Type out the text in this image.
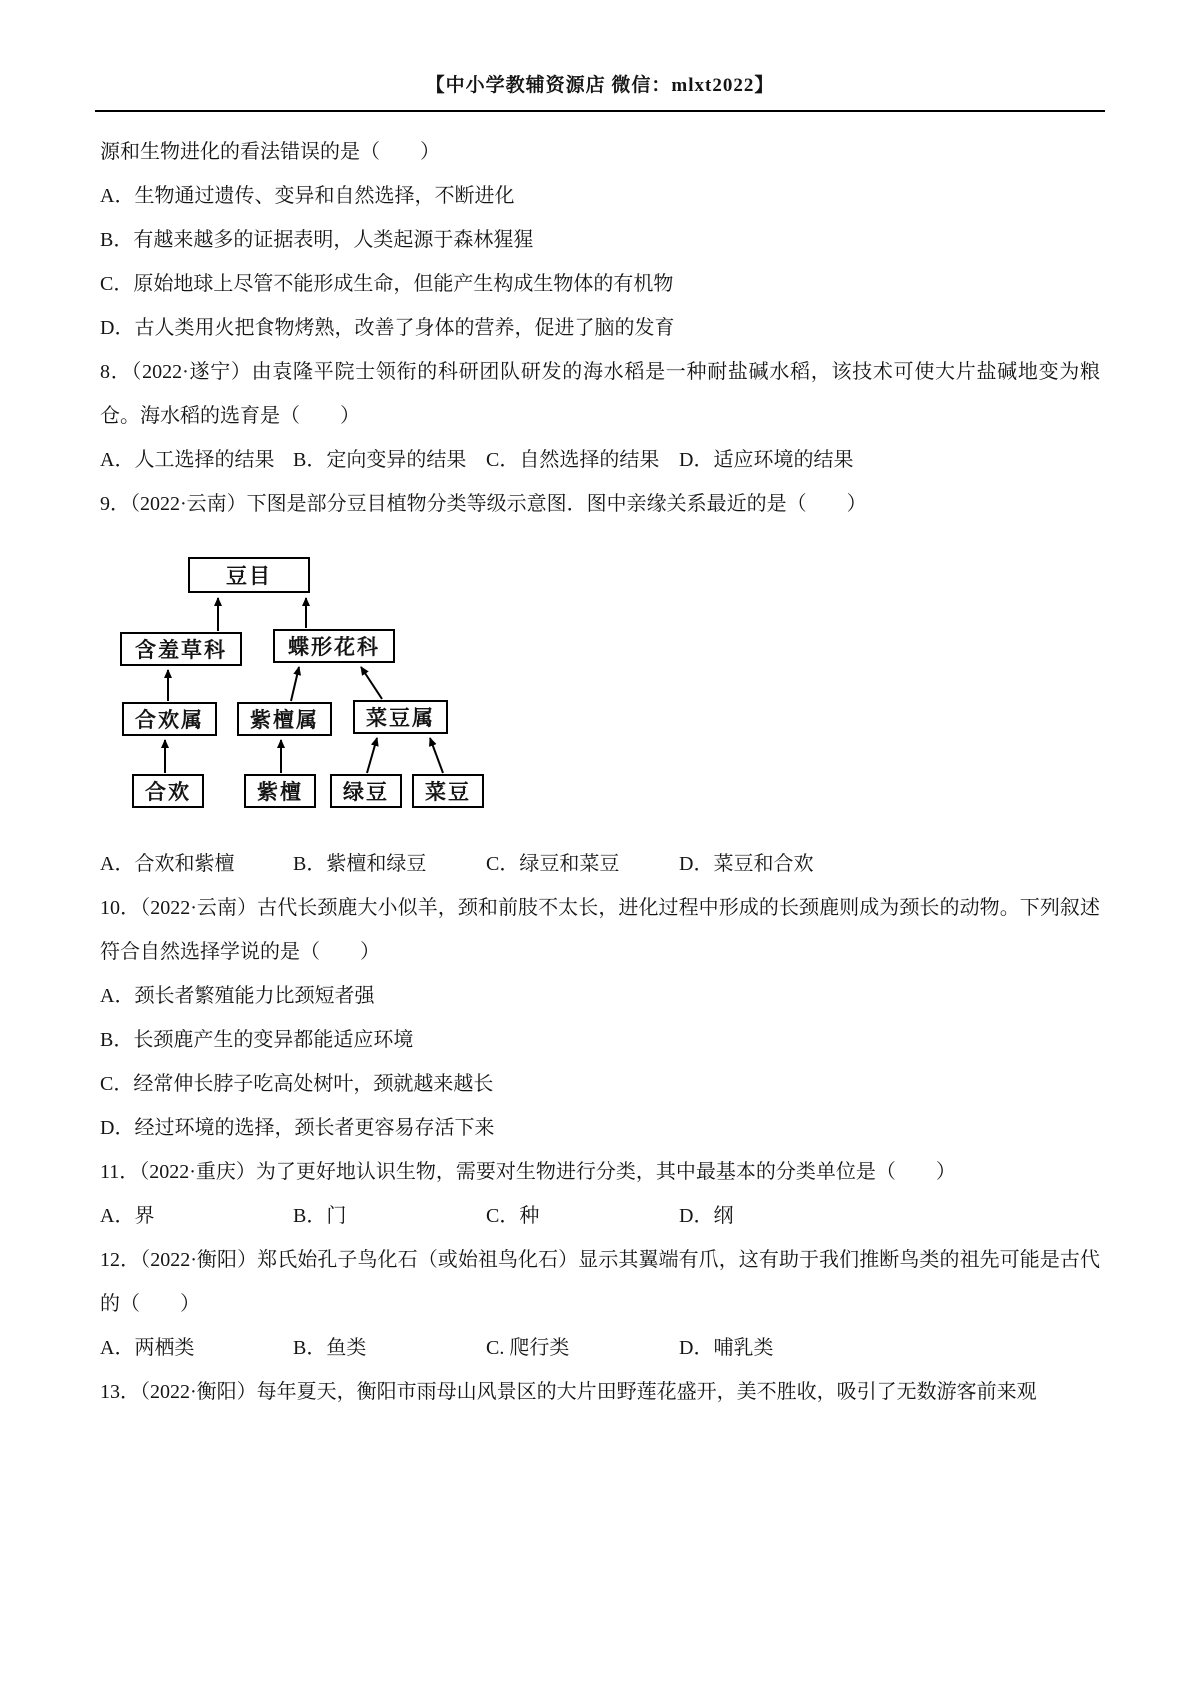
【中小学教辅资源店 微信：mlxt2022】

源和生物进化的看法错误的是（　　）

A．生物通过遗传、变异和自然选择，不断进化

B．有越来越多的证据表明，人类起源于森林猩猩

C．原始地球上尽管不能形成生命，但能产生构成生物体的有机物

D．古人类用火把食物烤熟，改善了身体的营养，促进了脑的发育

8．（2022·遂宁）由袁隆平院士领衔的科研团队研发的海水稻是一种耐盐碱水稻，该技术可使大片盐碱地变为粮仓。海水稻的选育是（　　）

A．人工选择的结果 B．定向变异的结果 C．自然选择的结果 D．适应环境的结果

9．（2022·云南）下图是部分豆目植物分类等级示意图．图中亲缘关系最近的是（　　）

豆目
含羞草科	蝶形花科
合欢属	紫檀属	菜豆属
合欢	紫檀	绿豆	菜豆
A．合欢和紫檀	B．紫檀和绿豆	C．绿豆和菜豆	D．菜豆和合欢

10．（2022·云南）古代长颈鹿大小似羊，颈和前肢不太长，进化过程中形成的长颈鹿则成为颈长的动物。下列叙述符合自然选择学说的是（　　）

A．颈长者繁殖能力比颈短者强

B．长颈鹿产生的变异都能适应环境

C．经常伸长脖子吃高处树叶，颈就越来越长

D．经过环境的选择，颈长者更容易存活下来

11．（2022·重庆）为了更好地认识生物，需要对生物进行分类，其中最基本的分类单位是（　　）

A．界	B．门	C．种	D．纲

12．（2022·衡阳）郑氏始孔子鸟化石（或始祖鸟化石）显示其翼端有爪，这有助于我们推断鸟类的祖先可能是古代的（　　）

A．两栖类	B．鱼类	C. 爬行类	D．哺乳类

13．（2022·衡阳）每年夏天，衡阳市雨母山风景区的大片田野莲花盛开，美不胜收，吸引了无数游客前来观
